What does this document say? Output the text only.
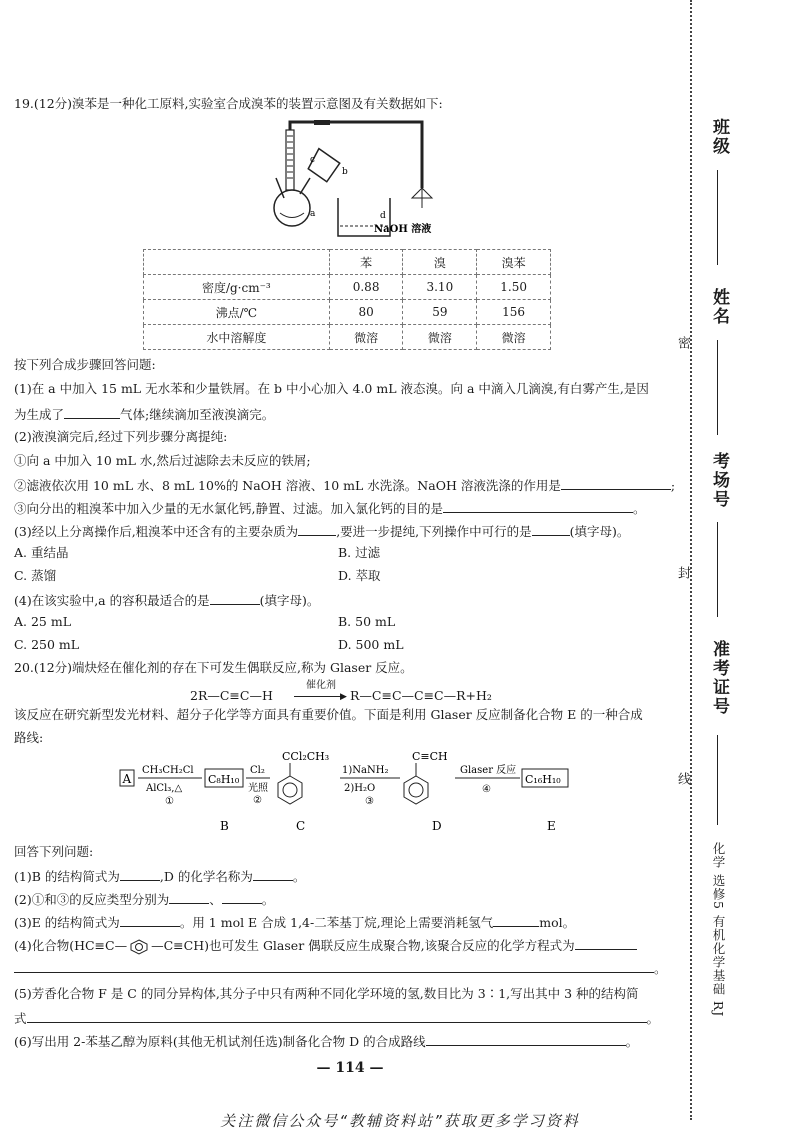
19.(12分)溴苯是一种化工原料,实验室合成溴苯的装置示意图及有关数据如下:
c
b
a	d
NaOH 溶液
	苯	溴	溴苯
密度/g·cm⁻³	0.88	3.10	1.50
沸点/℃	80	59	156
水中溶解度	微溶	微溶	微溶
按下列合成步骤回答问题:
(1)在 a 中加入 15 mL 无水苯和少量铁屑。在 b 中小心加入 4.0 mL 液态溴。向 a 中滴入几滴溴,有白雾产生,是因
为生成了	气体;继续滴加至液溴滴完。
(2)液溴滴完后,经过下列步骤分离提纯:
①向 a 中加入 10 mL 水,然后过滤除去未反应的铁屑;
②滤液依次用 10 mL 水、8 mL 10%的 NaOH 溶液、10 mL 水洗涤。NaOH 溶液洗涤的作用是	;
③向分出的粗溴苯中加入少量的无水氯化钙,静置、过滤。加入氯化钙的目的是	。
(3)经以上分离操作后,粗溴苯中还含有的主要杂质为	,要进一步提纯,下列操作中可行的是	(填字母)。
A. 重结晶	B. 过滤
C. 蒸馏	D. 萃取
(4)在该实验中,a 的容积最适合的是	(填字母)。
A. 25 mL	B. 50 mL
C. 250 mL	D. 500 mL
20.(12分)端炔烃在催化剂的存在下可发生偶联反应,称为 Glaser 反应。
2R—C≡C—H
催化剂
▶ R—C≡C—C≡C—R+H₂
该反应在研究新型发光材料、超分子化学等方面具有重要价值。下面是利用 Glaser 反应制备化合物 E 的一种合成
路线:
A
CH₃CH₂Cl
AlCl₃,△
①
C₈H₁₀
Cl₂
光照
②
CCl₂CH₃
1)NaNH₂
2)H₂O
③
C≡CH
Glaser 反应
④
C₁₆H₁₀
B	C	D	E
回答下列问题:
(1)B 的结构简式为	,D 的化学名称为	。
(2)①和③的反应类型分别为	、	。
(3)E 的结构简式为	。用 1 mol E 合成 1,4-二苯基丁烷,理论上需要消耗氢气	mol。
(4)化合物(HC≡C— —C≡CH)也可发生 Glaser 偶联反应生成聚合物,该聚合反应的化学方程式为
。
(5)芳香化合物 F 是 C 的同分异构体,其分子中只有两种不同化学环境的氢,数目比为 3∶1,写出其中 3 种的结构简
式	。
(6)写出用 2-苯基乙醇为原料(其他无机试剂任选)制备化合物 D 的合成路线	。
— 114 —
关注微信公众号“教辅资料站”获取更多学习资料
班级
姓名
密
考场号
封
准考证号
线
化学 选修5 有机化学基础 RJ
